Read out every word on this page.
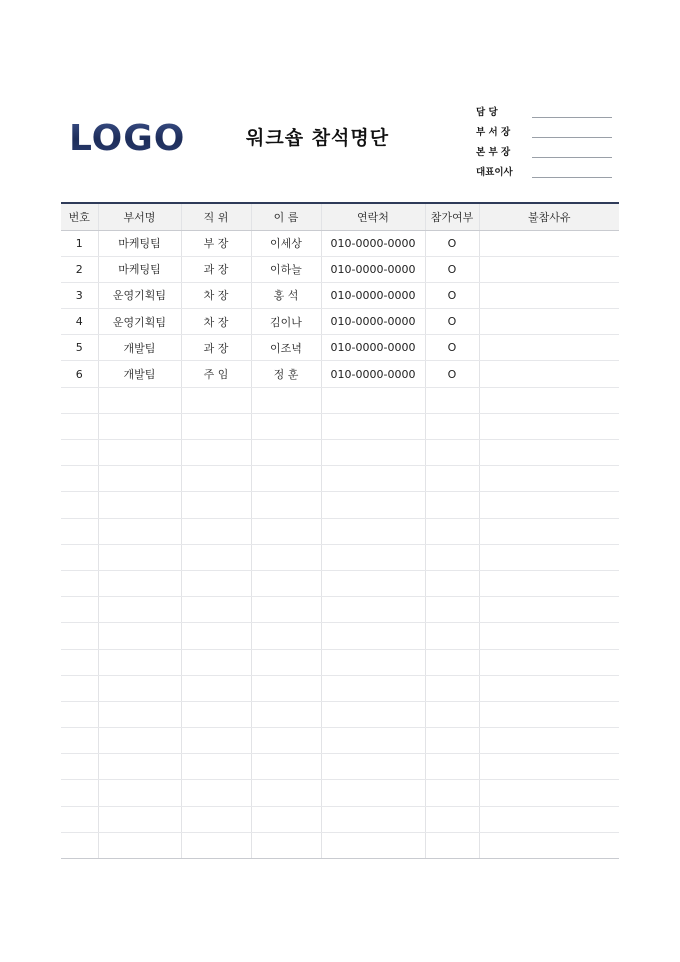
LOGO	워크숍 참석명단
담 당
부 서 장
본 부 장
대표이사
번호	부서명	직 위	이 름	연락처	참가여부	불참사유
1	마케팅팀	부 장	이세상	010-0000-0000	O	
2	마케팅팀	과 장	이하늘	010-0000-0000	O	
3	운영기획팀	차 장	홍 석	010-0000-0000	O	
4	운영기획팀	차 장	김이나	010-0000-0000	O	
5	개발팀	과 장	이조녁	010-0000-0000	O	
6	개발팀	주 임	정 훈	010-0000-0000	O	
